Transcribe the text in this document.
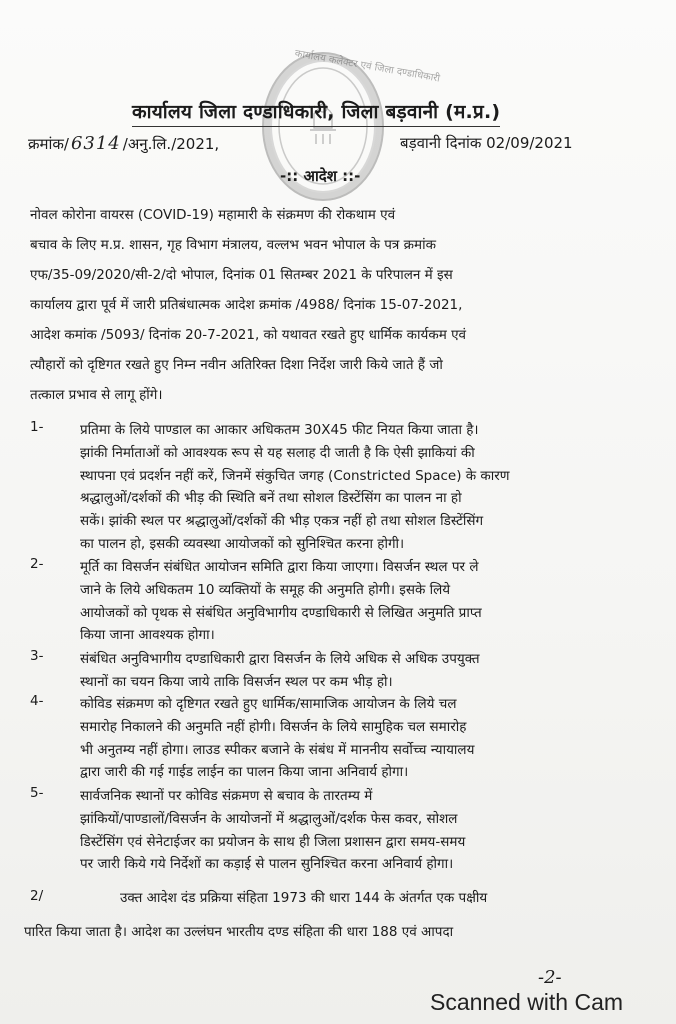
कार्यालय कलेक्टर एवं जिला दण्डाधिकारी
कार्यालय जिला दण्डाधिकारी, जिला बड़वानी (म.प्र.)
क्रमांक/ 6314 /अनु.लि./2021,	बड़वानी दिनांक 02/09/2021
-:: आदेश ::-
नोवल कोरोना वायरस (COVID-19) महामारी के संक्रमण की रोकथाम एवं
बचाव के लिए म.प्र. शासन, गृह विभाग मंत्रालय, वल्लभ भवन भोपाल के पत्र क्रमांक
एफ/35-09/2020/सी-2/दो भोपाल, दिनांक 01 सितम्बर 2021 के परिपालन में इस
कार्यालय द्वारा पूर्व में जारी प्रतिबंधात्मक आदेश क्रमांक /4988/ दिनांक 15-07-2021,
आदेश कमांक /5093/ दिनांक 20-7-2021, को यथावत रखते हुए धार्मिक कार्यकम एवं
त्यौहारों को दृष्टिगत रखते हुए निम्न नवीन अतिरिक्त दिशा निर्देश जारी किये जाते हैं जो
तत्काल प्रभाव से लागू होंगे।
1-	प्रतिमा के लिये पाण्डाल का आकार अधिकतम 30X45 फीट नियत किया जाता है।
झांकी निर्माताओं को आवश्यक रूप से यह सलाह दी जाती है कि ऐसी झाकियां की
स्थापना एवं प्रदर्शन नहीं करें, जिनमें संकुचित जगह (Constricted Space) के कारण
श्रद्धालुओं/दर्शकों की भीड़ की स्थिति बनें तथा सोशल डिस्टेंसिंग का पालन ना हो
सकें। झांकी स्थल पर श्रद्धालुओं/दर्शकों की भीड़ एकत्र नहीं हो तथा सोशल डिस्टेंसिंग
का पालन हो, इसकी व्यवस्था आयोजकों को सुनिश्चित करना होगी।
2-	मूर्ति का विसर्जन संबंधित आयोजन समिति द्वारा किया जाएगा। विसर्जन स्थल पर ले
जाने के लिये अधिकतम 10 व्यक्तियों के समूह की अनुमति होगी। इसके लिये
आयोजकों को पृथक से संबंधित अनुविभागीय दण्डाधिकारी से लिखित अनुमति प्राप्त
किया जाना आवश्यक होगा।
3-	संबंधित अनुविभागीय दण्डाधिकारी द्वारा विसर्जन के लिये अधिक से अधिक उपयुक्त
स्थानों का चयन किया जाये ताकि विसर्जन स्थल पर कम भीड़ हो।
4-	कोविड संक्रमण को दृष्टिगत रखते हुए धार्मिक/सामाजिक आयोजन के लिये चल
समारोह निकालने की अनुमति नहीं होगी। विसर्जन के लिये सामुहिक चल समारोह
भी अनुतम्य नहीं होगा। लाउड स्पीकर बजाने के संबंध में माननीय सर्वोच्च न्यायालय
द्वारा जारी की गई गाईड लाईन का पालन किया जाना अनिवार्य होगा।
5-	सार्वजनिक स्थानों पर कोविड संक्रमण से बचाव के तारतम्य में
झांकियों/पाण्डालों/विसर्जन के आयोजनों में श्रद्धालुओं/दर्शक फेस कवर, सोशल
डिस्टेंसिंग एवं सेनेटाईजर का प्रयोजन के साथ ही जिला प्रशासन द्वारा समय-समय
पर जारी किये गये निर्देशों का कड़ाई से पालन सुनिश्चित करना अनिवार्य होगा।
2/	उक्त आदेश दंड प्रक्रिया संहिता 1973 की धारा 144 के अंतर्गत एक पक्षीय
पारित किया जाता है। आदेश का उल्लंघन भारतीय दण्ड संहिता की धारा 188 एवं आपदा
-2-
Scanned with Cam
